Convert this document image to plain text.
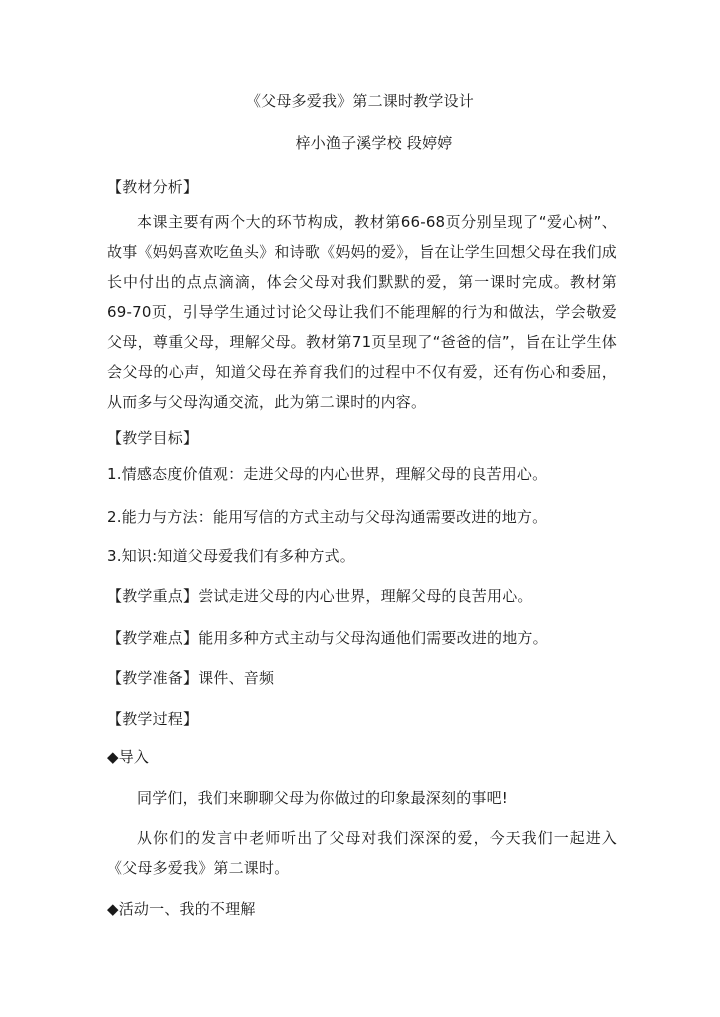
《父母多爱我》第二课时教学设计
梓小渔子溪学校 段婷婷
【教材分析】
本课主要有两个大的环节构成，教材第66-68页分别呈现了“爱心树”、故事《妈妈喜欢吃鱼头》和诗歌《妈妈的爱》，旨在让学生回想父母在我们成长中付出的点点滴滴，体会父母对我们默默的爱，第一课时完成。教材第69-70页，引导学生通过讨论父母让我们不能理解的行为和做法，学会敬爱父母，尊重父母，理解父母。教材第71页呈现了“爸爸的信”，旨在让学生体会父母的心声，知道父母在养育我们的过程中不仅有爱，还有伤心和委屈，从而多与父母沟通交流，此为第二课时的内容。
【教学目标】
1.情感态度价值观：走进父母的内心世界，理解父母的良苦用心。
2.能力与方法：能用写信的方式主动与父母沟通需要改进的地方。
3.知识:知道父母爱我们有多种方式。
【教学重点】尝试走进父母的内心世界，理解父母的良苦用心。
【教学难点】能用多种方式主动与父母沟通他们需要改进的地方。
【教学准备】课件、音频
【教学过程】
◆导入
同学们，我们来聊聊父母为你做过的印象最深刻的事吧!
从你们的发言中老师听出了父母对我们深深的爱，今天我们一起进入《父母多爱我》第二课时。
◆活动一、我的不理解
